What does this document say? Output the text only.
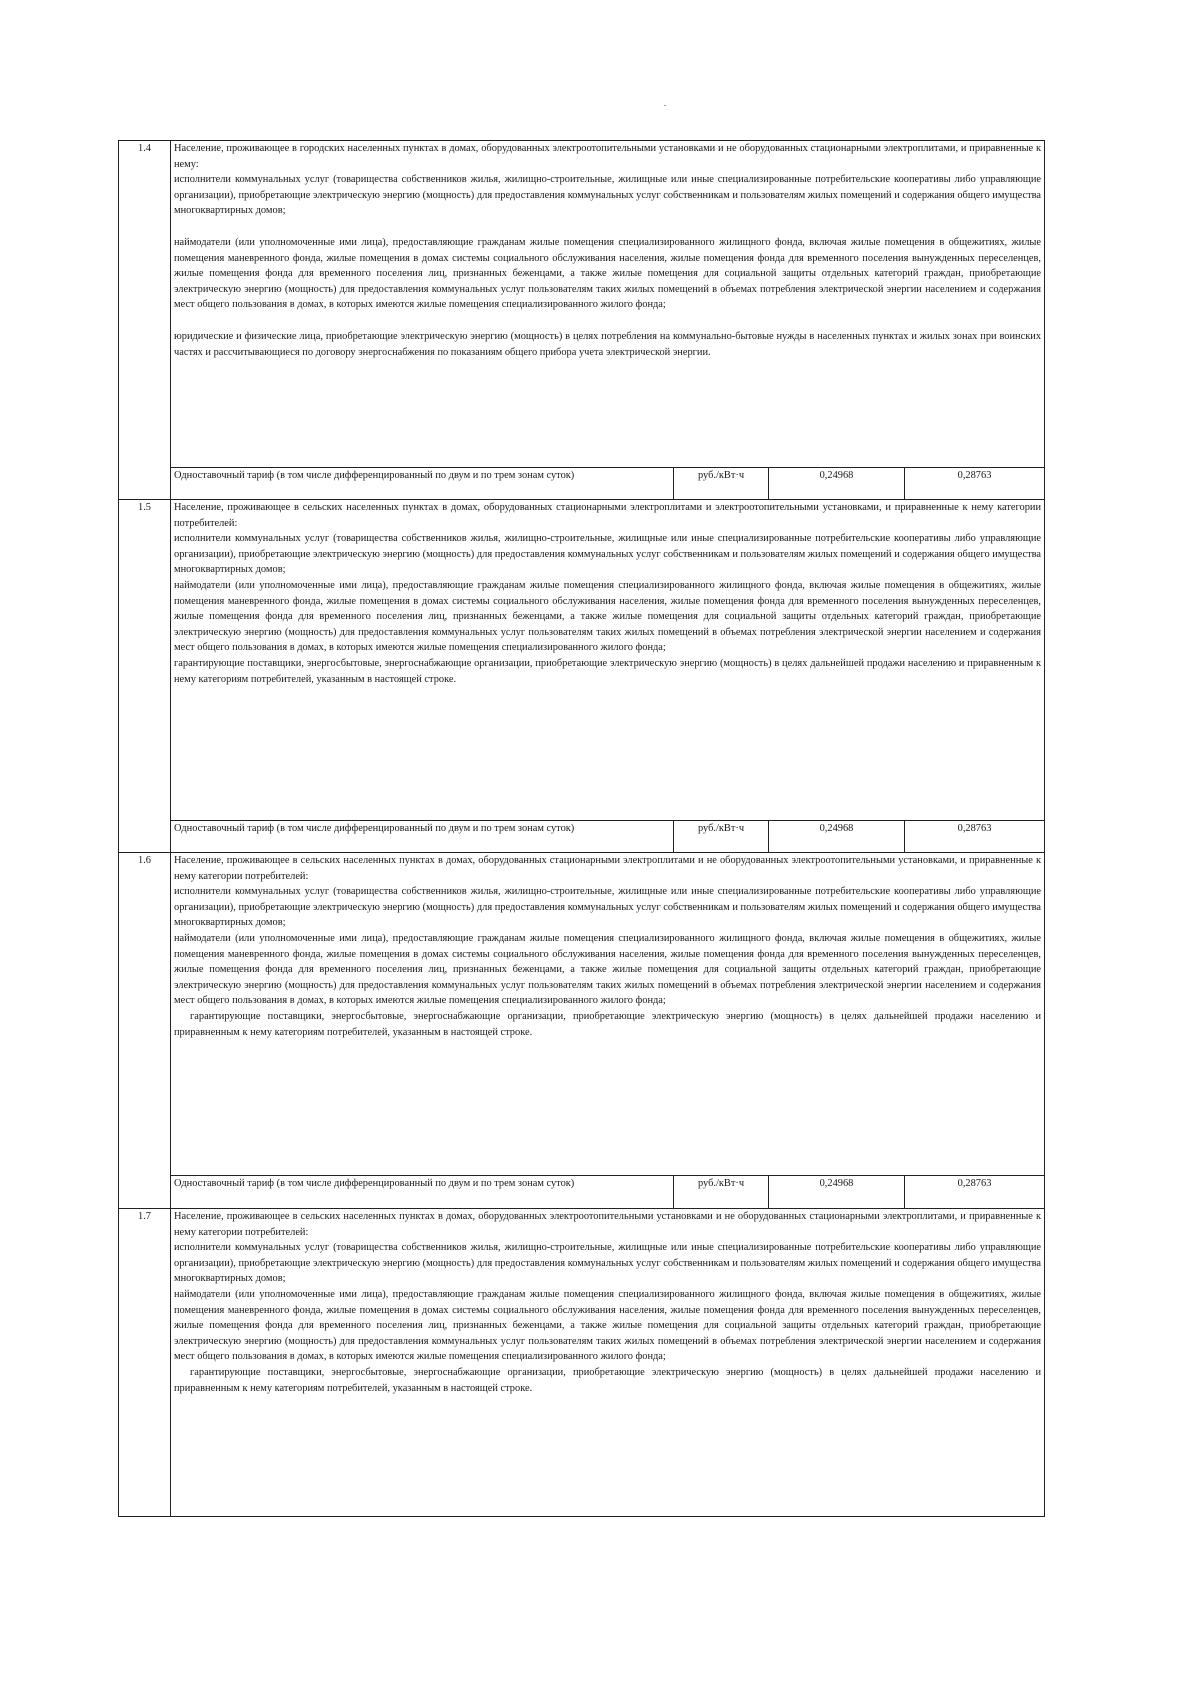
1.4	Население, проживающее в городских населенных пунктах в домах, оборудованных электроотопительными установками и не оборудованных стационарными электроплитами, и приравненные к нему:

исполнители коммунальных услуг (товарищества собственников жилья, жилищно-строительные, жилищные или иные специализированные потребительские кооперативы либо управляющие организации), приобретающие электрическую энергию (мощность) для предоставления коммунальных услуг собственникам и пользователям жилых помещений и содержания общего имущества многоквартирных домов;

наймодатели (или уполномоченные ими лица), предоставляющие гражданам жилые помещения специализированного жилищного фонда, включая жилые помещения в общежитиях, жилые помещения маневренного фонда, жилые помещения в домах системы социального обслуживания населения, жилые помещения фонда для временного поселения вынужденных переселенцев, жилые помещения фонда для временного поселения лиц, признанных беженцами, а также жилые помещения для социальной защиты отдельных категорий граждан, приобретающие электрическую энергию (мощность) для предоставления коммунальных услуг пользователям таких жилых помещений в объемах потребления электрической энергии населением и содержания мест общего пользования в домах, в которых имеются жилые помещения специализированного жилого фонда;

юридические и физические лица, приобретающие электрическую энергию (мощность) в целях потребления на коммунально-бытовые нужды в населенных пунктах и жилых зонах при воинских частях и рассчитывающиеся по договору энергоснабжения по показаниям общего прибора учета электрической энергии.			

	Одноставочный тариф (в том числе дифференцированный по двум и по трем зонам суток)	руб./кВт·ч	0,24968	0,28763
1.5	Население, проживающее в сельских населенных пунктах в домах, оборудованных стационарными электроплитами и электроотопительными установками, и приравненные к нему категории потребителей:

исполнители коммунальных услуг (товарищества собственников жилья, жилищно-строительные, жилищные или иные специализированные потребительские кооперативы либо управляющие организации), приобретающие электрическую энергию (мощность) для предоставления коммунальных услуг собственникам и пользователям жилых помещений и содержания общего имущества многоквартирных домов;

наймодатели (или уполномоченные ими лица), предоставляющие гражданам жилые помещения специализированного жилищного фонда, включая жилые помещения в общежитиях, жилые помещения маневренного фонда, жилые помещения в домах системы социального обслуживания населения, жилые помещения фонда для временного поселения вынужденных переселенцев, жилые помещения фонда для временного поселения лиц, признанных беженцами, а также жилые помещения для социальной защиты отдельных категорий граждан, приобретающие электрическую энергию (мощность) для предоставления коммунальных услуг пользователям таких жилых помещений в объемах потребления электрической энергии населением и содержания мест общего пользования в домах, в которых имеются жилые помещения специализированного жилого фонда;

гарантирующие поставщики, энергосбытовые, энергоснабжающие организации, приобретающие электрическую энергию (мощность) в целях дальнейшей продажи населению и приравненным к нему категориям потребителей, указанным в настоящей строке.			

	Одноставочный тариф (в том числе дифференцированный по двум и по трем зонам суток)	руб./кВт·ч	0,24968	0,28763
1.6	Население, проживающее в сельских населенных пунктах в домах, оборудованных стационарными электроплитами и не оборудованных электроотопительными установками, и приравненные к нему категории потребителей:

исполнители коммунальных услуг (товарищества собственников жилья, жилищно-строительные, жилищные или иные специализированные потребительские кооперативы либо управляющие организации), приобретающие электрическую энергию (мощность) для предоставления коммунальных услуг собственникам и пользователям жилых помещений и содержания общего имущества многоквартирных домов;

наймодатели (или уполномоченные ими лица), предоставляющие гражданам жилые помещения специализированного жилищного фонда, включая жилые помещения в общежитиях, жилые помещения маневренного фонда, жилые помещения в домах системы социального обслуживания населения, жилые помещения фонда для временного поселения вынужденных переселенцев, жилые помещения фонда для временного поселения лиц, признанных беженцами, а также жилые помещения для социальной защиты отдельных категорий граждан, приобретающие электрическую энергию (мощность) для предоставления коммунальных услуг пользователям таких жилых помещений в объемах потребления электрической энергии населением и содержания мест общего пользования в домах, в которых имеются жилые помещения специализированного жилого фонда;

гарантирующие поставщики, энергосбытовые, энергоснабжающие организации, приобретающие электрическую энергию (мощность) в целях дальнейшей продажи населению и приравненным к нему категориям потребителей, указанным в настоящей строке.			

	Одноставочный тариф (в том числе дифференцированный по двум и по трем зонам суток)	руб./кВт·ч	0,24968	0,28763
1.7	Население, проживающее в сельских населенных пунктах в домах, оборудованных электроотопительными установками и не оборудованных стационарными электроплитами, и приравненные к нему категории потребителей:

исполнители коммунальных услуг (товарищества собственников жилья, жилищно-строительные, жилищные или иные специализированные потребительские кооперативы либо управляющие организации), приобретающие электрическую энергию (мощность) для предоставления коммунальных услуг собственникам и пользователям жилых помещений и содержания общего имущества многоквартирных домов;

наймодатели (или уполномоченные ими лица), предоставляющие гражданам жилые помещения специализированного жилищного фонда, включая жилые помещения в общежитиях, жилые помещения маневренного фонда, жилые помещения в домах системы социального обслуживания населения, жилые помещения фонда для временного поселения вынужденных переселенцев, жилые помещения фонда для временного поселения лиц, признанных беженцами, а также жилые помещения для социальной защиты отдельных категорий граждан, приобретающие электрическую энергию (мощность) для предоставления коммунальных услуг пользователям таких жилых помещений в объемах потребления электрической энергии населением и содержания мест общего пользования в домах, в которых имеются жилые помещения специализированного жилого фонда;

гарантирующие поставщики, энергосбытовые, энергоснабжающие организации, приобретающие электрическую энергию (мощность) в целях дальнейшей продажи населению и приравненным к нему категориям потребителей, указанным в настоящей строке.			
